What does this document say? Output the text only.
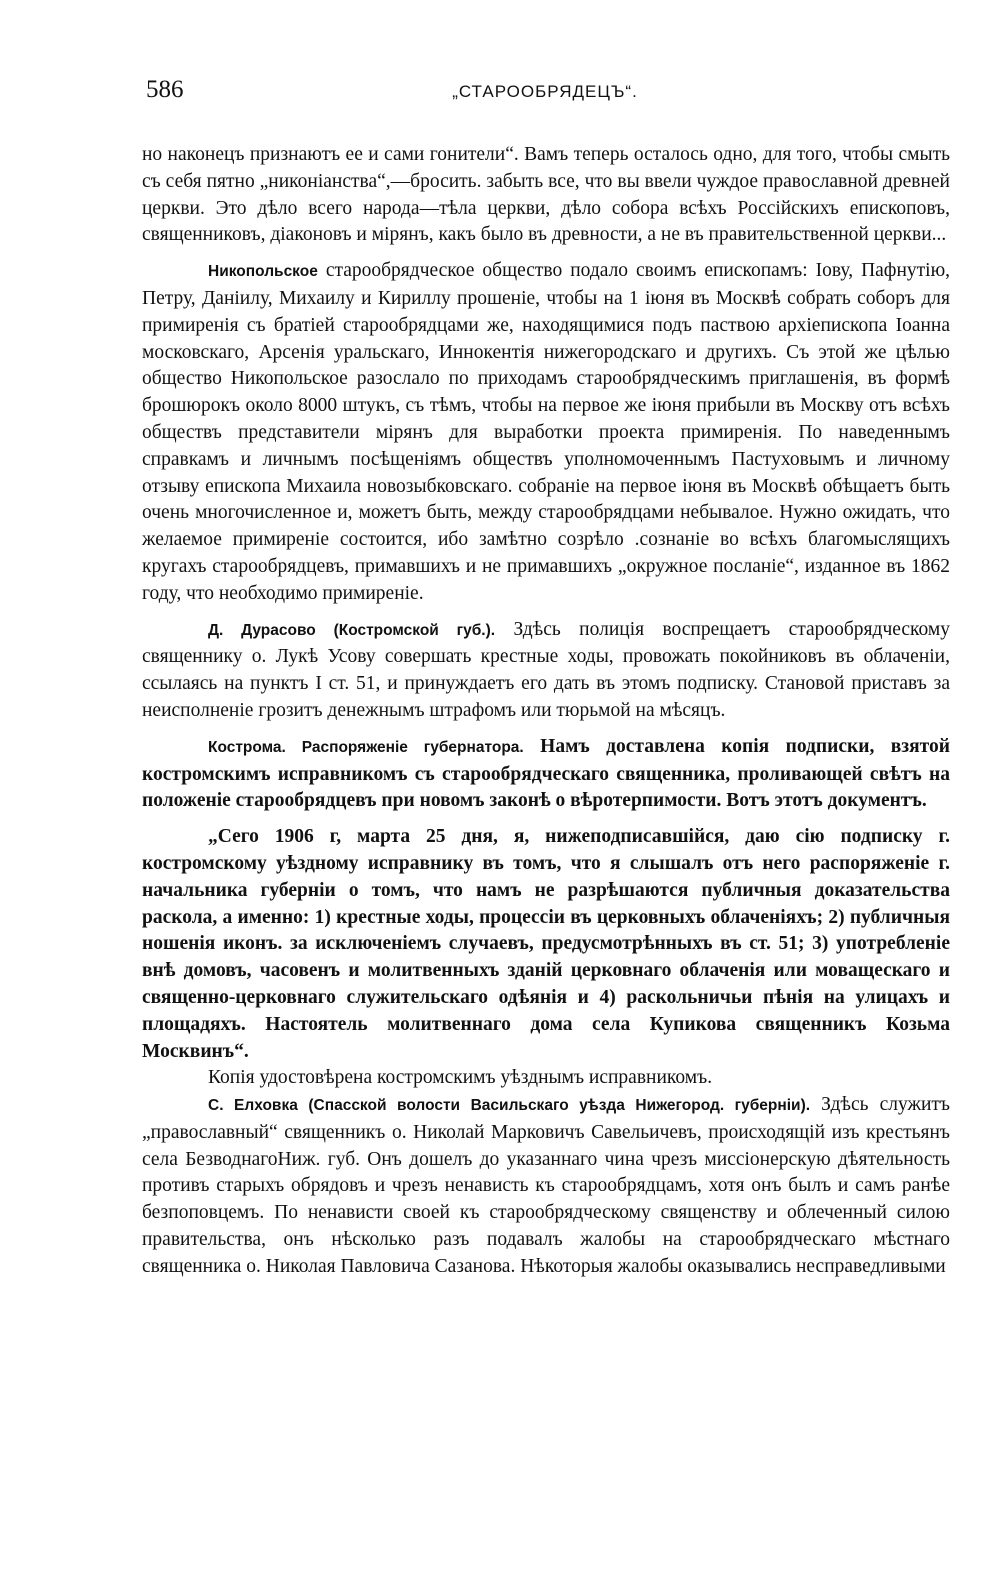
586	„СТАРООБРЯДЕЦЪ“.

но наконецъ признаютъ ее и сами гонители“. Вамъ теперь осталось одно, для того, чтобы смыть съ себя пятно „никоніанства“,—бросить. забыть все, что вы ввели чуждое православной древней церкви. Это дѣло всего народа—тѣла церкви, дѣло собора всѣхъ Россійскихъ епископовъ, священниковъ, діаконовъ и міpянъ, какъ было въ древности, а не въ правительственной церкви...

Никопольское старообрядческое общество подало своимъ епископамъ: Іову, Пафнутію, Петру, Даніилу, Михаилу и Кириллу прошеніе, чтобы на 1 іюня въ Москвѣ собрать соборъ для примиренія съ братіей старообрядцами же, находящимися подъ паствою архіепископа Іоанна московскаго, Арсенія уральскаго, Иннокентія нижегородскаго и другихъ. Съ этой же цѣлью общество Никопольское разослало по приходамъ старообрядческимъ приглашенія, въ формѣ брошюрокъ около 8000 штукъ, съ тѣмъ, чтобы на первое же іюня прибыли въ Москву отъ всѣхъ обществъ представители міpянъ для выработки проекта примиренія. По наведеннымъ справкамъ и личнымъ посѣщеніямъ обществъ уполномоченнымъ Пастуховымъ и личному отзыву епископа Михаила новозыбковскаго. собраніе на первое іюня въ Москвѣ обѣщаетъ быть очень многочисленное и, можетъ быть, между старообрядцами небывалое. Нужно ожидать, что желаемое примиреніе состоится, ибо замѣтно созрѣло .сознаніе во всѣхъ благомыслящихъ кругахъ старообрядцевъ, примавшихъ и не примавшихъ „окружное посланіе“, изданное въ 1862 году, что необходимо примиреніе.

Д. Дурасово (Костромской губ.). Здѣсь полиція воспрещаетъ старообрядческому священнику о. Лукѣ Усову совершать крестные ходы, провожать покойниковъ въ облаченіи, ссылаясь на пунктъ I ст. 51, и принуждаетъ его дать въ этомъ подписку. Становой приставъ за неисполненіе грозитъ денежнымъ штрафомъ или тюрьмой на мѣсяцъ.

Кострома. Распоряженіе губернатора. Намъ доставлена копія подписки, взятой костромскимъ исправникомъ съ старообрядческаго священника, проливающей свѣтъ на положеніе старообрядцевъ при новомъ законѣ о вѣротерпимости. Вотъ этотъ документъ.

„Сего 1906 г, марта 25 дня, я, нижеподписавшійся, даю сію подписку г. костромскому уѣздному исправнику въ томъ, что я слышалъ отъ него распоряженіе г. начальника губерніи о томъ, что намъ не разрѣшаются публичныя доказательства раскола, а именно: 1) крестные ходы, процессіи въ церковныхъ облаченіяхъ; 2) публичныя ношенія иконъ. за исключеніемъ случаевъ, предусмотрѣнныхъ въ ст. 51; 3) употребленіе внѣ домовъ, часовенъ и молитвенныхъ зданій церковнаго облаченія или моващескаго и священно-церковнаго служительскаго одѣянія и 4) раскольничьи пѣнія на улицахъ и площадяхъ. Настоятель молитвеннаго дома села Купикова священникъ Козьма Москвинъ“.

Копія удостовѣрена костромскимъ уѣзднымъ исправникомъ.

С. Елховка (Спасской волости Васильскаго уѣзда Нижегород. губерніи). Здѣсь служитъ „православный“ священникъ о. Николай Марковичъ Савельичевъ, происходящій изъ крестьянъ села БезводнагоНиж. губ. Онъ дошелъ до указаннаго чина чрезъ миссіонерскую дѣятельность противъ старыхъ обрядовъ и чрезъ ненависть къ старообрядцамъ, хотя онъ былъ и самъ ранѣе безпоповцемъ. По ненависти своей къ старообрядческому священству и облеченный силою правительства, онъ нѣсколько разъ подавалъ жалобы на старообрядческаго мѣстнаго священника о. Николая Павловича Сазанова. Нѣкоторыя жалобы оказывались несправедливыми
